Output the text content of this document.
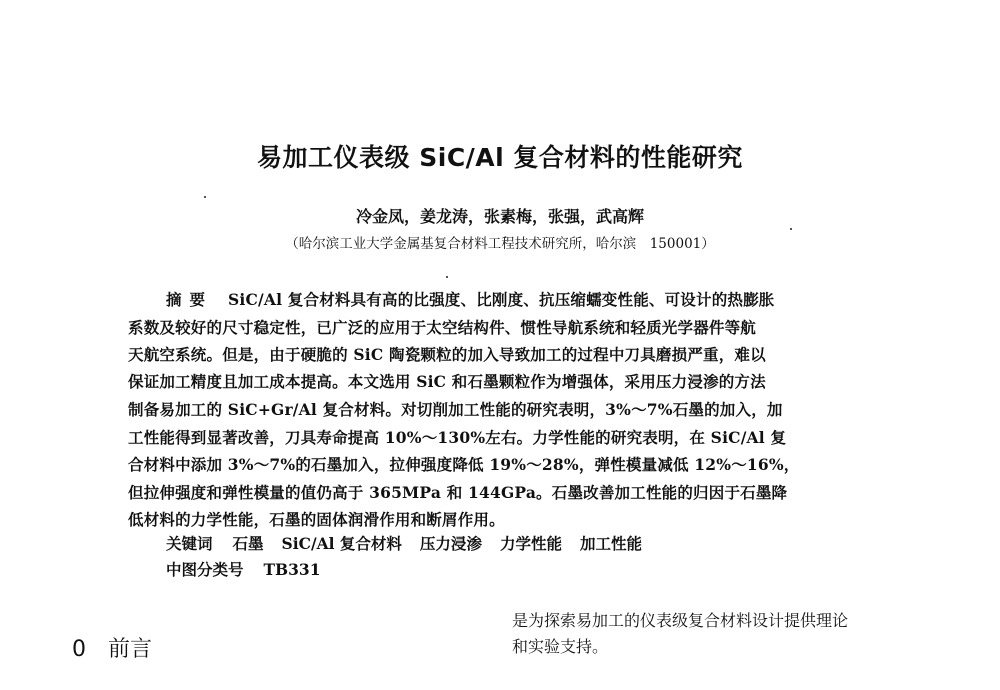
易加工仪表级 SiC/Al 复合材料的性能研究
冷金凤，姜龙涛，张素梅，张强，武高辉
（哈尔滨工业大学金属基复合材料工程技术研究所，哈尔滨　150001）
摘要 SiC/Al 复合材料具有高的比强度、比刚度、抗压缩蠕变性能、可设计的热膨胀
系数及较好的尺寸稳定性，已广泛的应用于太空结构件、惯性导航系统和轻质光学器件等航
天航空系统。但是，由于硬脆的 SiC 陶瓷颗粒的加入导致加工的过程中刀具磨损严重，难以
保证加工精度且加工成本提高。本文选用 SiC 和石墨颗粒作为增强体，采用压力浸渗的方法
制备易加工的 SiC+Gr/Al 复合材料。对切削加工性能的研究表明，3%～7%石墨的加入，加
工性能得到显著改善，刀具寿命提高 10%～130%左右。力学性能的研究表明，在 SiC/Al 复
合材料中添加 3%～7%的石墨加入，拉伸强度降低 19%～28%，弹性模量减低 12%～16%，
但拉伸强度和弹性模量的值仍高于 365MPa 和 144GPa。石墨改善加工性能的归因于石墨降
低材料的力学性能，石墨的固体润滑作用和断屑作用。
关键词 石墨 SiC/Al 复合材料 压力浸渗 力学性能 加工性能
中图分类号 TB331
0 前言
是为探索易加工的仪表级复合材料设计提供理论
和实验支持。
